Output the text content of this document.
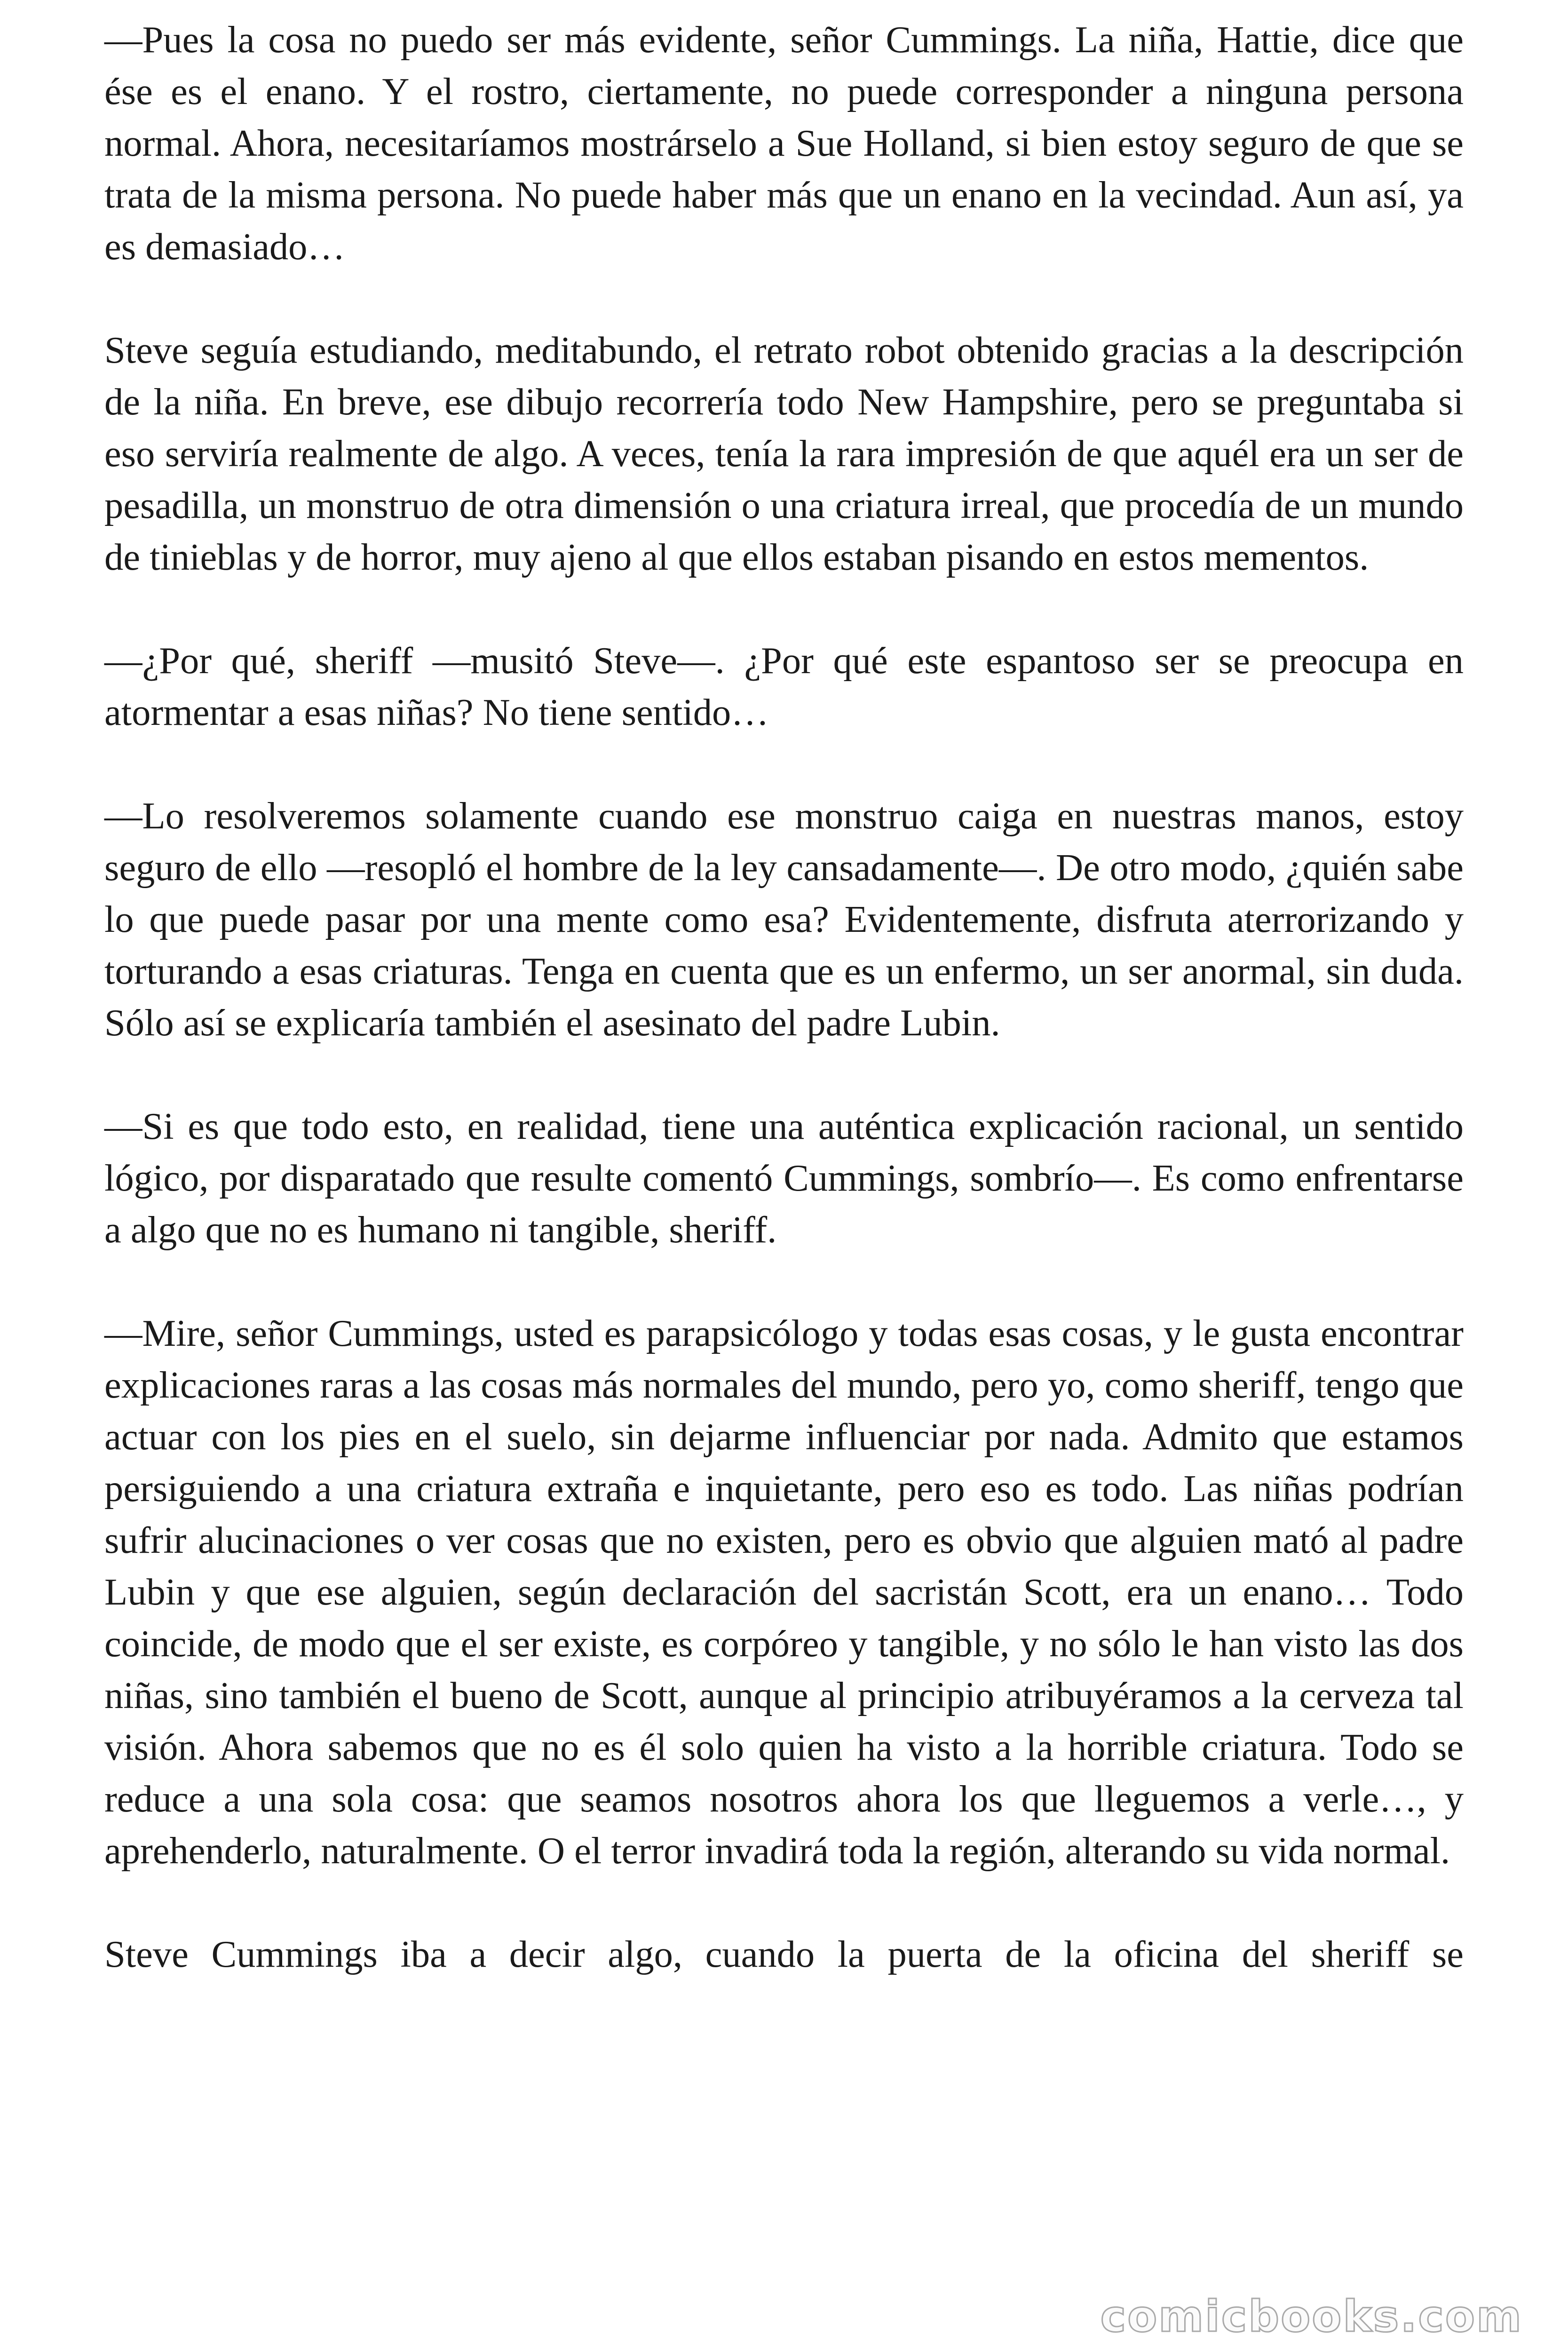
—Pues la cosa no puedo ser más evidente, señor Cummings. La niña, Hattie, dice que ése es el enano. Y el rostro, ciertamente, no puede corresponder a ninguna persona normal. Ahora, necesitaríamos mostrárselo a Sue Holland, si bien estoy seguro de que se trata de la misma persona. No puede haber más que un enano en la vecindad. Aun así, ya es demasiado…

Steve seguía estudiando, meditabundo, el retrato robot obtenido gracias a la descripción de la niña. En breve, ese dibujo recorrería todo New Hampshire, pero se preguntaba si eso serviría realmente de algo. A veces, tenía la rara impresión de que aquél era un ser de pesadilla, un monstruo de otra dimensión o una criatura irreal, que procedía de un mundo de tinieblas y de horror, muy ajeno al que ellos estaban pisando en estos mementos.

—¿Por qué, sheriff —musitó Steve—. ¿Por qué este espantoso ser se preocupa en atormentar a esas niñas? No tiene sentido…

—Lo resolveremos solamente cuando ese monstruo caiga en nuestras manos, estoy seguro de ello —resopló el hombre de la ley cansadamente—. De otro modo, ¿quién sabe lo que puede pasar por una mente como esa? Evidentemente, disfruta aterrorizando y torturando a esas criaturas. Tenga en cuenta que es un enfermo, un ser anormal, sin duda. Sólo así se explicaría también el asesinato del padre Lubin.

—Si es que todo esto, en realidad, tiene una auténtica explicación racional, un sentido lógico, por disparatado que resulte comentó Cummings, sombrío—. Es como enfrentarse a algo que no es humano ni tangible, sheriff.

—Mire, señor Cummings, usted es parapsicólogo y todas esas cosas, y le gusta encontrar explicaciones raras a las cosas más normales del mundo, pero yo, como sheriff, tengo que actuar con los pies en el suelo, sin dejarme influenciar por nada. Admito que estamos persiguiendo a una criatura extraña e inquietante, pero eso es todo. Las niñas podrían sufrir alucinaciones o ver cosas que no existen, pero es obvio que alguien mató al padre Lubin y que ese alguien, según declaración del sacristán Scott, era un enano… Todo coincide, de modo que el ser existe, es corpóreo y tangible, y no sólo le han visto las dos niñas, sino también el bueno de Scott, aunque al principio atribuyéramos a la cerveza tal visión. Ahora sabemos que no es él solo quien ha visto a la horrible criatura. Todo se reduce a una sola cosa: que seamos nosotros ahora los que lleguemos a verle…, y aprehenderlo, naturalmente. O el terror invadirá toda la región, alterando su vida normal.

Steve Cummings iba a decir algo, cuando la puerta de la oficina del sheriff se

comicbooks.com
